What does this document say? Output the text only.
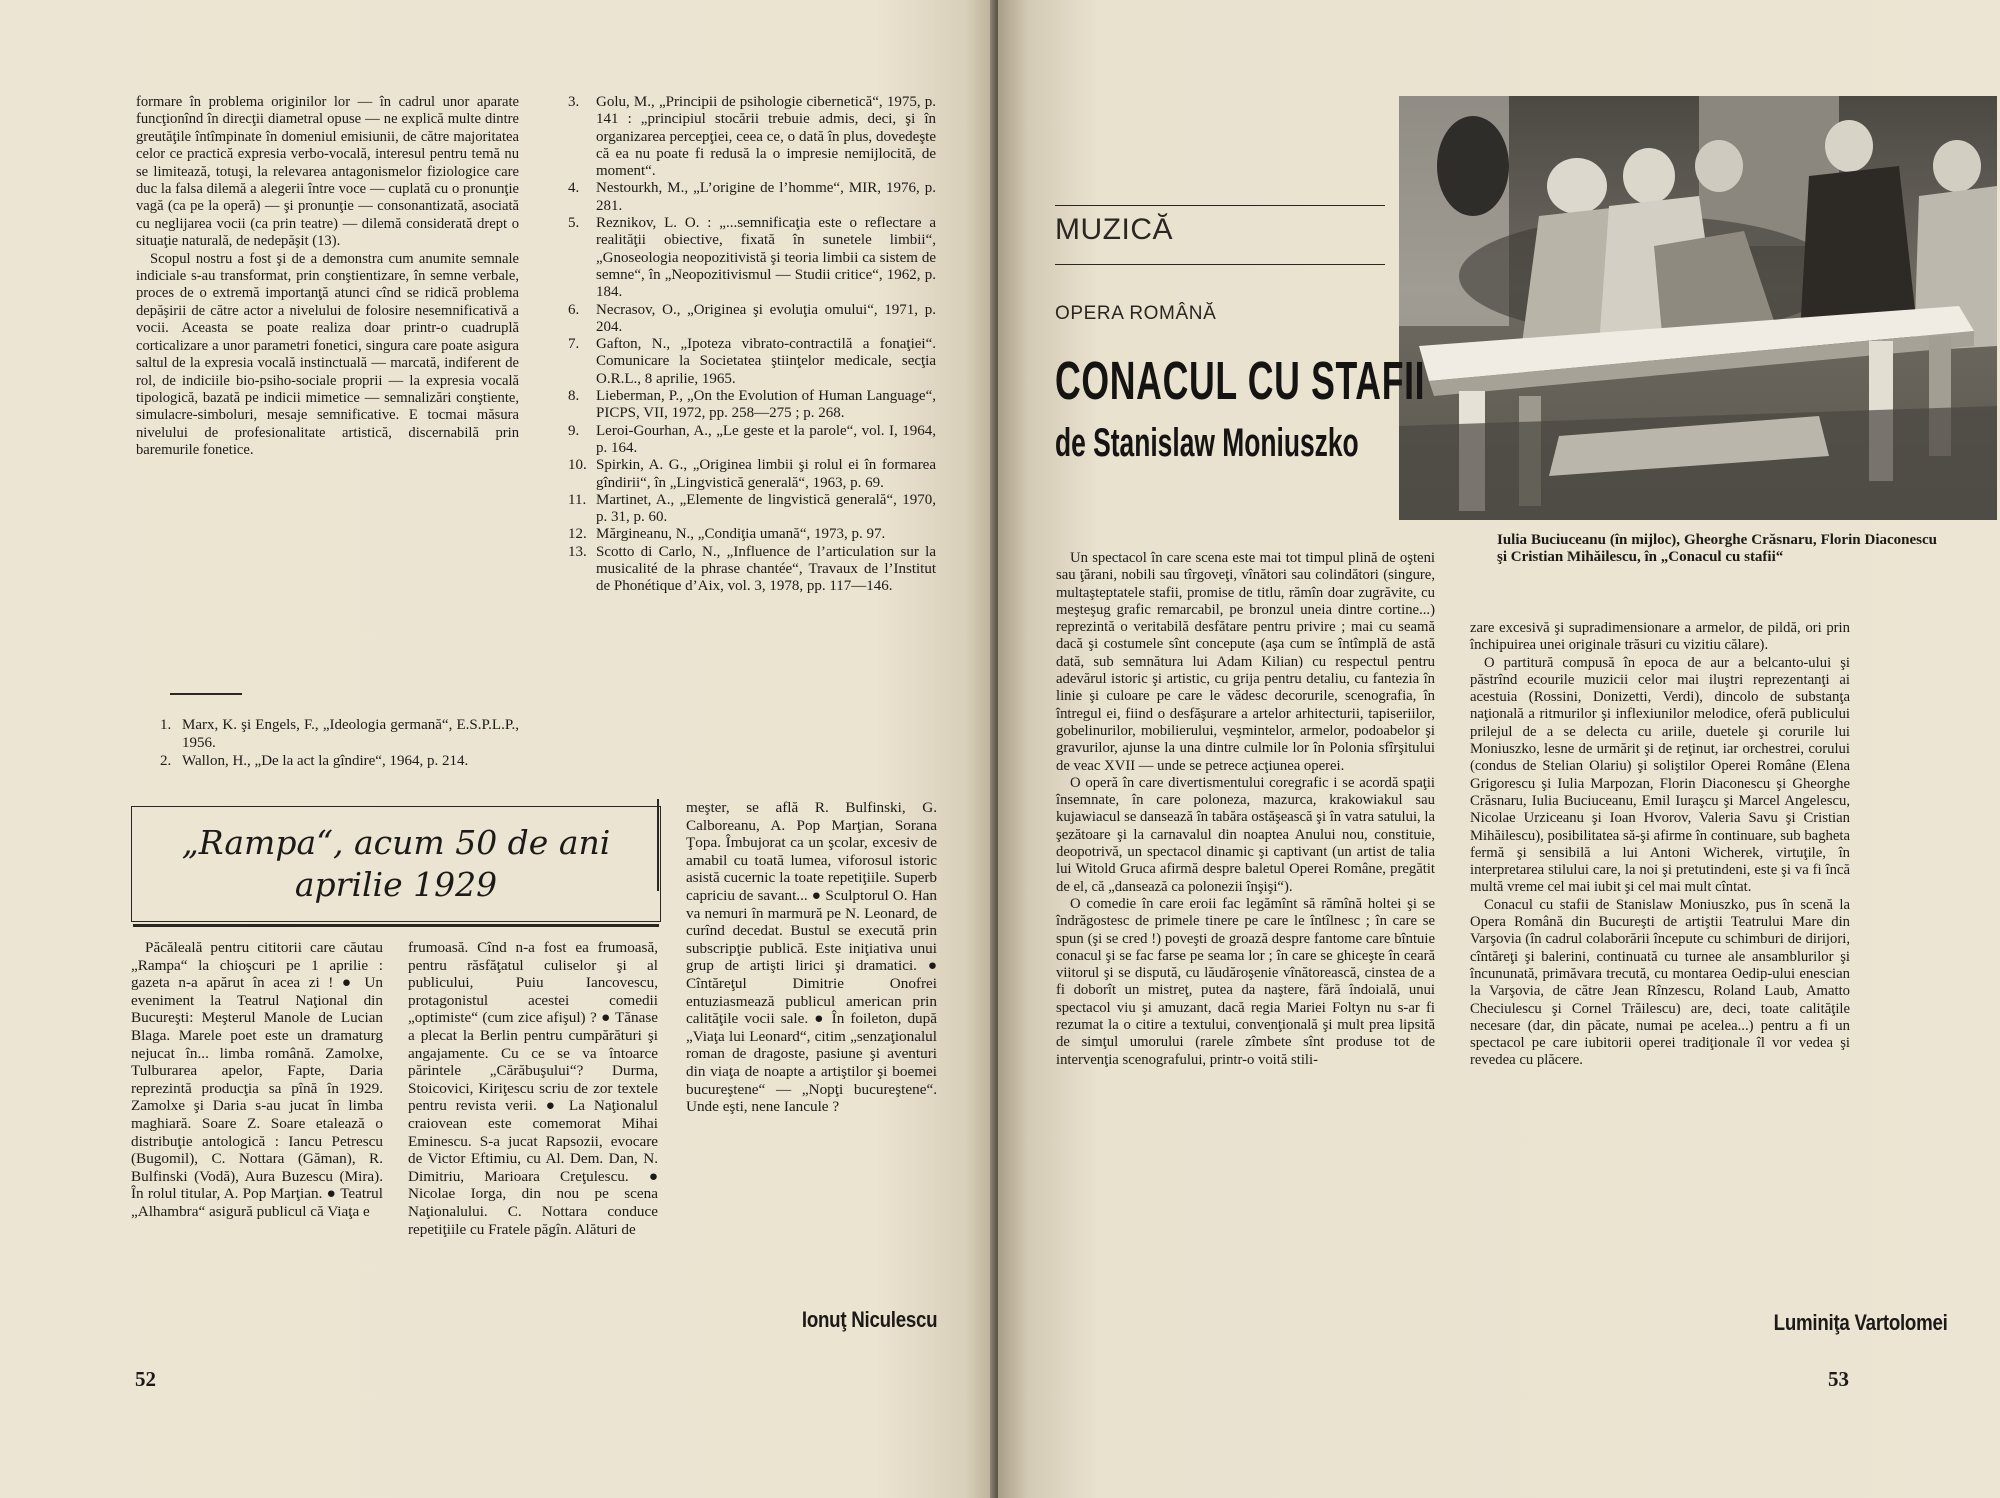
formare în problema originilor lor — în cadrul unor aparate funcţionînd în direcţii diametral opuse — ne explică multe dintre greutăţile întîmpinate în domeniul emisiunii, de către majoritatea celor ce practică expresia verbo-vocală, interesul pentru temă nu se limitează, totuşi, la relevarea antagonismelor fiziologice care duc la falsa dilemă a alegerii între voce — cuplată cu o pronunţie vagă (ca pe la operă) — şi pronunţie — consonantizată, asociată cu neglijarea vocii (ca prin teatre) — dilemă considerată drept o situaţie naturală, de nedepăşit (13).

Scopul nostru a fost şi de a demonstra cum anumite semnale indiciale s-au transformat, prin conştientizare, în semne verbale, proces de o extremă importanţă atunci cînd se ridică problema depăşirii de către actor a nivelului de folosire nesemnificativă a vocii. Aceasta se poate realiza doar printr-o cuadruplă corticalizare a unor parametri fonetici, singura care poate asigura saltul de la expresia vocală instinctuală — marcată, indiferent de rol, de indiciile bio-psiho-sociale proprii — la expresia vocală tipologică, bazată pe indicii mimetice — semnalizări conştiente, simulacre-simboluri, mesaje semnificative. E tocmai măsura nivelului de profesionalitate artistică, discernabilă prin baremurile fonetice.

1. Marx, K. şi Engels, F., „Ideologia germană“, E.S.P.L.P., 1956.
2. Wallon, H., „De la act la gîndire“, 1964, p. 214.
3. Golu, M., „Principii de psihologie cibernetică“, 1975, p. 141 : „principiul stocării trebuie admis, deci, şi în organizarea percepţiei, ceea ce, o dată în plus, dovedeşte că ea nu poate fi redusă la o impresie nemijlocită, de moment“.
4. Nestourkh, M., „L’origine de l’homme“, MIR, 1976, p. 281.
5. Reznikov, L. O. : „...semnificaţia este o reflectare a realităţii obiective, fixată în sunetele limbii“, „Gnoseologia neopozitivistă şi teoria limbii ca sistem de semne“, în „Neopozitivismul — Studii critice“, 1962, p. 184.
6. Necrasov, O., „Originea şi evoluţia omului“, 1971, p. 204.
7. Gafton, N., „Ipoteza vibrato-contractilă a fonaţiei“. Comunicare la Societatea ştiinţelor medicale, secţia O.R.L., 8 aprilie, 1965.
8. Lieberman, P., „On the Evolution of Human Language“, PICPS, VII, 1972, pp. 258—275 ; p. 268.
9. Leroi-Gourhan, A., „Le geste et la parole“, vol. I, 1964, p. 164.
10. Spirkin, A. G., „Originea limbii şi rolul ei în formarea gîndirii“, în „Lingvistică generală“, 1963, p. 69.
11. Martinet, A., „Elemente de lingvistică generală“, 1970, p. 31, p. 60.
12. Mărgineanu, N., „Condiţia umană“, 1973, p. 97.
13. Scotto di Carlo, N., „Influence de l’articulation sur la musicalité de la phrase chantée“, Travaux de l’Institut de Phonétique d’Aix, vol. 3, 1978, pp. 117—146.
„Rampa“, acum 50 de ani
aprilie 1929

Păcăleală pentru cititorii care căutau „Rampa“ la chioşcuri pe 1 aprilie : gazeta n-a apărut în acea zi ! ● Un eveniment la Teatrul Naţional din Bucureşti: Meşterul Manole de Lucian Blaga. Marele poet este un dramaturg nejucat în... limba română. Zamolxe, Tulburarea apelor, Fapte, Daria reprezintă producţia sa pînă în 1929. Zamolxe şi Daria s-au jucat în limba maghiară. Soare Z. Soare etalează o distribuţie antologică : Iancu Petrescu (Bugomil), C. Nottara (Găman), R. Bulfinski (Vodă), Aura Buzescu (Mira). În rolul titular, A. Pop Marţian. ● Teatrul „Alhambra“ asigură publicul că Viaţa e

frumoasă. Cînd n-a fost ea frumoasă, pentru răsfăţatul culiselor şi al publicului, Puiu Iancovescu, protagonistul acestei comedii „optimiste“ (cum zice afişul) ? ● Tănase a plecat la Berlin pentru cumpărături şi angajamente. Cu ce se va întoarce părintele „Cărăbuşului“? Durma, Stoicovici, Kiriţescu scriu de zor textele pentru revista verii. ● La Naţionalul craiovean este comemorat Mihai Eminescu. S-a jucat Rapsozii, evocare de Victor Eftimiu, cu Al. Dem. Dan, N. Dimitriu, Marioara Creţulescu. ● Nicolae Iorga, din nou pe scena Naţionalului. C. Nottara conduce repetiţiile cu Fratele păgîn. Alături de

meşter, se află R. Bulfinski, G. Calboreanu, A. Pop Marţian, Sorana Ţopa. Îmbujorat ca un şcolar, excesiv de amabil cu toată lumea, viforosul istoric asistă cucernic la toate repetiţiile. Superb capriciu de savant... ● Sculptorul O. Han va nemuri în marmură pe N. Leonard, de curînd decedat. Bustul se execută prin subscripţie publică. Este iniţiativa unui grup de artişti lirici şi dramatici. ● Cîntăreţul Dimitrie Onofrei entuziasmează publicul american prin calităţile vocii sale. ● În foileton, după „Viaţa lui Leonard“, citim „senzaţionalul roman de dragoste, pasiune şi aventuri din viaţa de noapte a artiştilor şi boemei bucureştene“ — „Nopţi bucureştene“. Unde eşti, nene Iancule ?

Ionuţ Niculescu
52
MUZICĂ
OPERA ROMÂNĂ
CONACUL CU STAFII
de Stanislaw Moniuszko
Iulia Buciuceanu (în mijloc), Gheorghe Crăsnaru, Florin Diaconescu şi Cristian Mihăilescu, în „Conacul cu stafii“

Un spectacol în care scena este mai tot timpul plină de oşteni sau ţărani, nobili sau tîrgoveţi, vînători sau colindători (singure, multaşteptatele stafii, promise de titlu, rămîn doar zugrăvite, cu meşteşug grafic remarcabil, pe bronzul uneia dintre cortine...) reprezintă o veritabilă desfătare pentru privire ; mai cu seamă dacă şi costumele sînt concepute (aşa cum se întîmplă de astă dată, sub semnătura lui Adam Kilian) cu respectul pentru adevărul istoric şi artistic, cu grija pentru detaliu, cu fantezia în linie şi culoare pe care le vădesc decorurile, scenografia, în întregul ei, fiind o desfăşurare a artelor arhitecturii, tapiseriilor, gobelinurilor, mobilierului, veşmintelor, armelor, podoabelor şi gravurilor, ajunse la una dintre culmile lor în Polonia sfîrşitului de veac XVII — unde se petrece acţiunea operei.

O operă în care divertismentului coregrafic i se acordă spaţii însemnate, în care poloneza, mazurca, krakowiakul sau kujawiacul se dansează în tabăra ostăşească şi în vatra satului, la şezătoare şi la carnavalul din noaptea Anului nou, constituie, deopotrivă, un spectacol dinamic şi captivant (un artist de talia lui Witold Gruca afirmă despre baletul Operei Române, pregătit de el, că „dansează ca polonezii înşişi“).

O comedie în care eroii fac legămînt să rămînă holtei şi se îndrăgostesc de primele tinere pe care le întîlnesc ; în care se spun (şi se cred !) poveşti de groază despre fantome care bîntuie conacul şi se fac farse pe seama lor ; în care se ghiceşte în ceară viitorul şi se dispută, cu lăudăroşenie vînătorească, cinstea de a fi doborît un mistreţ, putea da naştere, fără îndoială, unui spectacol viu şi amuzant, dacă regia Mariei Foltyn nu s-ar fi rezumat la o citire a textului, convenţională şi mult prea lipsită de simţul umorului (rarele zîmbete sînt produse tot de intervenţia scenografului, printr-o voită stili-

zare excesivă şi supradimensionare a armelor, de pildă, ori prin închipuirea unei originale trăsuri cu vizitiu călare).

O partitură compusă în epoca de aur a belcanto-ului şi păstrînd ecourile muzicii celor mai iluştri reprezentanţi ai acestuia (Rossini, Donizetti, Verdi), dincolo de substanţa naţională a ritmurilor şi inflexiunilor melodice, oferă publicului prilejul de a se delecta cu ariile, duetele şi corurile lui Moniuszko, lesne de urmărit şi de reţinut, iar orchestrei, corului (condus de Stelian Olariu) şi soliştilor Operei Române (Elena Grigorescu şi Iulia Marpozan, Florin Diaconescu şi Gheorghe Crăsnaru, Iulia Buciuceanu, Emil Iuraşcu şi Marcel Angelescu, Nicolae Urziceanu şi Ioan Hvorov, Valeria Savu şi Cristian Mihăilescu), posibilitatea să-şi afirme în continuare, sub bagheta fermă şi sensibilă a lui Antoni Wicherek, virtuţile, în interpretarea stilului care, la noi şi pretutindeni, este şi va fi încă multă vreme cel mai iubit şi cel mai mult cîntat.

Conacul cu stafii de Stanislaw Moniuszko, pus în scenă la Opera Română din Bucureşti de artiştii Teatrului Mare din Varşovia (în cadrul colaborării începute cu schimburi de dirijori, cîntăreţi şi balerini, continuată cu turnee ale ansamblurilor şi încununată, primăvara trecută, cu montarea Oedip-ului enescian la Varşovia, de către Jean Rînzescu, Roland Laub, Amatto Checiulescu şi Cornel Trăilescu) are, deci, toate calităţile necesare (dar, din păcate, numai pe acelea...) pentru a fi un spectacol pe care iubitorii operei tradiţionale îl vor vedea şi revedea cu plăcere.

Luminiţa Vartolomei
53
